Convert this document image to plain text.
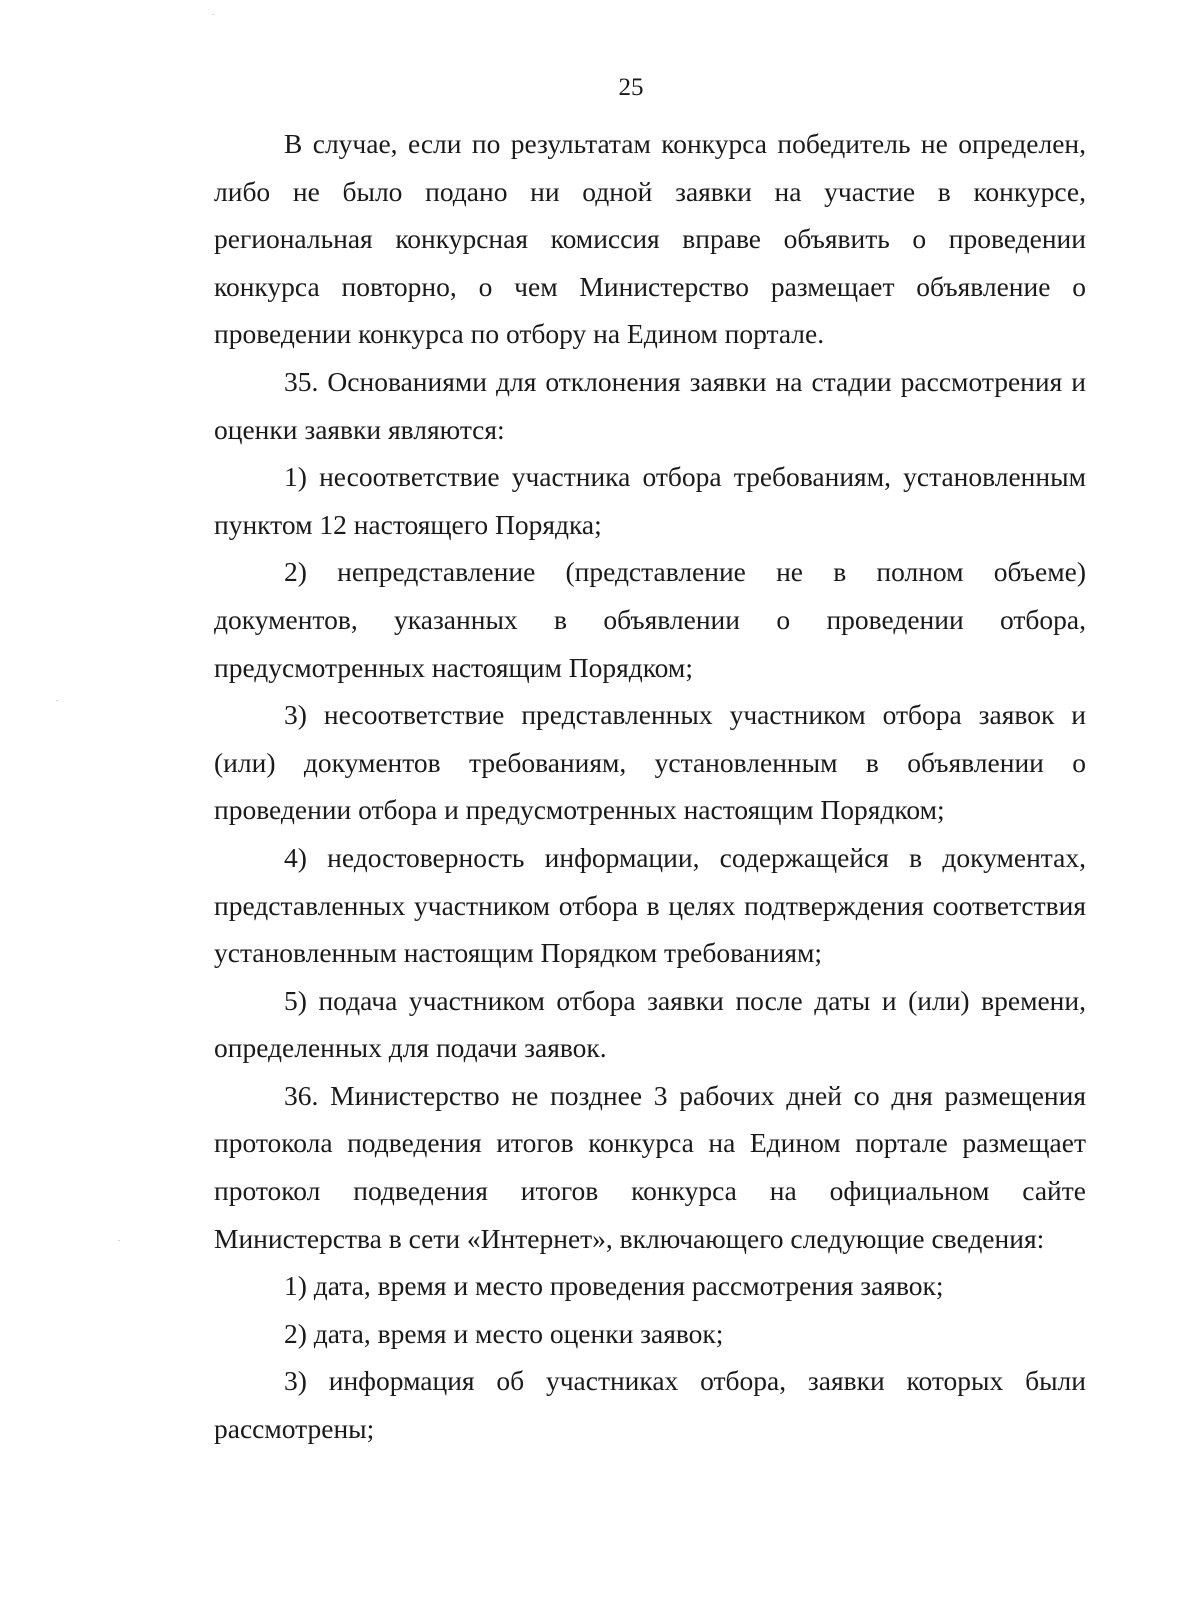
25

В случае, если по результатам конкурса победитель не определен, либо не было подано ни одной заявки на участие в конкурсе, региональная конкурсная комиссия вправе объявить о проведении конкурса повторно, о чем Министерство размещает объявление о проведении конкурса по отбору на Едином портале.

35. Основаниями для отклонения заявки на стадии рассмотрения и оценки заявки являются:

1) несоответствие участника отбора требованиям, установленным пунктом 12 настоящего Порядка;

2) непредставление (представление не в полном объеме) документов, указанных в объявлении о проведении отбора, предусмотренных настоящим Порядком;

3) несоответствие представленных участником отбора заявок и (или) документов требованиям, установленным в объявлении о проведении отбора и предусмотренных настоящим Порядком;

4) недостоверность информации, содержащейся в документах, представленных участником отбора в целях подтверждения соответствия установленным настоящим Порядком требованиям;

5) подача участником отбора заявки после даты и (или) времени, определенных для подачи заявок.

36. Министерство не позднее 3 рабочих дней со дня размещения протокола подведения итогов конкурса на Едином портале размещает протокол подведения итогов конкурса на официальном сайте Министерства в сети «Интернет», включающего следующие сведения:

1) дата, время и место проведения рассмотрения заявок;

2) дата, время и место оценки заявок;

3) информация об участниках отбора, заявки которых были рассмотрены;
